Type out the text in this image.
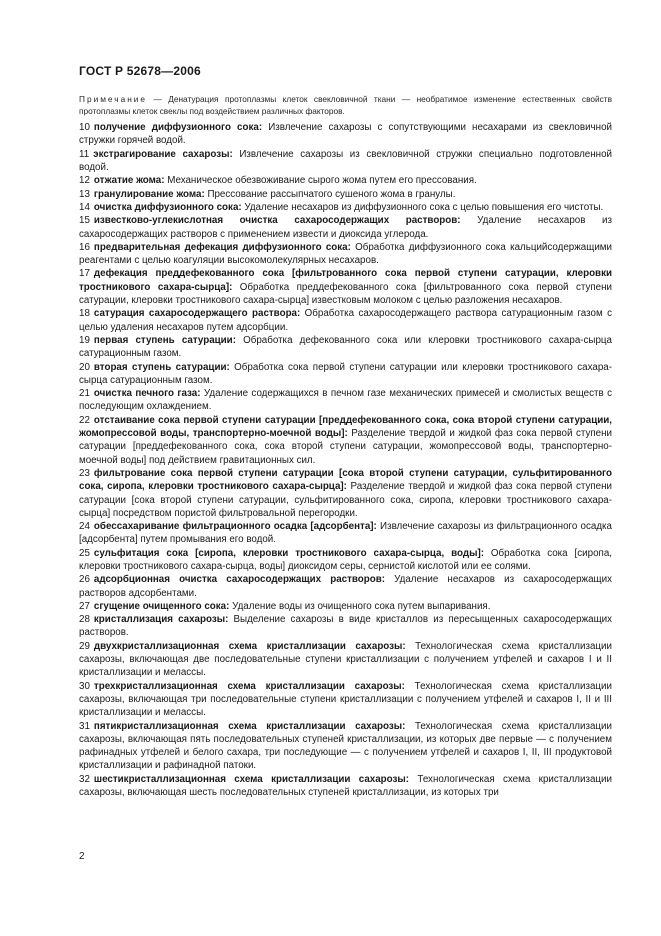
ГОСТ Р 52678—2006
Примечание — Денатурация протоплазмы клеток свекловичной ткани — необратимое изменение естественных свойств протоплазмы клеток свеклы под воздействием различных факторов.

10 получение диффузионного сока: Извлечение сахарозы с сопутствующими несахарами из свекловичной стружки горячей водой.

11 экстрагирование сахарозы: Извлечение сахарозы из свекловичной стружки специально подготовленной водой.

12 отжатие жома: Механическое обезвоживание сырого жома путем его прессования.

13 гранулирование жома: Прессование рассыпчатого сушеного жома в гранулы.

14 очистка диффузионного сока: Удаление несахаров из диффузионного сока с целью повышения его чистоты.

15 известково-углекислотная очистка сахаросодержащих растворов: Удаление несахаров из сахаросодержащих растворов с применением извести и диоксида углерода.

16 предварительная дефекация диффузионного сока: Обработка диффузионного сока кальцийсодержащими реагентами с целью коагуляции высокомолекулярных несахаров.

17 дефекация преддефекованного сока [фильтрованного сока первой ступени сатурации, клеровки тростникового сахара-сырца]: Обработка преддефекованного сока [фильтрованного сока первой ступени сатурации, клеровки тростникового сахара-сырца] известковым молоком с целью разложения несахаров.

18 сатурация сахаросодержащего раствора: Обработка сахаросодержащего раствора сатурационным газом с целью удаления несахаров путем адсорбции.

19 первая ступень сатурации: Обработка дефекованного сока или клеровки тростникового сахара-сырца сатурационным газом.

20 вторая ступень сатурации: Обработка сока первой ступени сатурации или клеровки тростникового сахара-сырца сатурационным газом.

21 очистка печного газа: Удаление содержащихся в печном газе механических примесей и смолистых веществ с последующим охлаждением.

22 отстаивание сока первой ступени сатурации [преддефекованного сока, сока второй ступени сатурации, жомопрессовой воды, транспортерно-моечной воды]: Разделение твердой и жидкой фаз сока первой ступени сатурации [преддефекованного сока, сока второй ступени сатурации, жомопрессовой воды, транспортерно-моечной воды] под действием гравитационных сил.

23 фильтрование сока первой ступени сатурации [сока второй ступени сатурации, сульфитированного сока, сиропа, клеровки тростникового сахара-сырца]: Разделение твердой и жидкой фаз сока первой ступени сатурации [сока второй ступени сатурации, сульфитированного сока, сиропа, клеровки тростникового сахара-сырца] посредством пористой фильтровальной перегородки.

24 обессахаривание фильтрационного осадка [адсорбента]: Извлечение сахарозы из фильтрационного осадка [адсорбента] путем промывания его водой.

25 сульфитация сока [сиропа, клеровки тростникового сахара-сырца, воды]: Обработка сока [сиропа, клеровки тростникового сахара-сырца, воды] диоксидом серы, сернистой кислотой или ее солями.

26 адсорбционная очистка сахаросодержащих растворов: Удаление несахаров из сахаросодержащих растворов адсорбентами.

27 сгущение очищенного сока: Удаление воды из очищенного сока путем выпаривания.

28 кристаллизация сахарозы: Выделение сахарозы в виде кристаллов из пересыщенных сахаросодержащих растворов.

29 двухкристаллизационная схема кристаллизации сахарозы: Технологическая схема кристаллизации сахарозы, включающая две последовательные ступени кристаллизации с получением утфелей и сахаров I и II кристаллизации и мелассы.

30 трехкристаллизационная схема кристаллизации сахарозы: Технологическая схема кристаллизации сахарозы, включающая три последовательные ступени кристаллизации с получением утфелей и сахаров I, II и III кристаллизации и мелассы.

31 пятикристаллизационная схема кристаллизации сахарозы: Технологическая схема кристаллизации сахарозы, включающая пять последовательных ступеней кристаллизации, из которых две первые — с получением рафинадных утфелей и белого сахара, три последующие — с получением утфелей и сахаров I, II, III продуктовой кристаллизации и рафинадной патоки.

32 шестикристаллизационная схема кристаллизации сахарозы: Технологическая схема кристаллизации сахарозы, включающая шесть последовательных ступеней кристаллизации, из которых три

2
